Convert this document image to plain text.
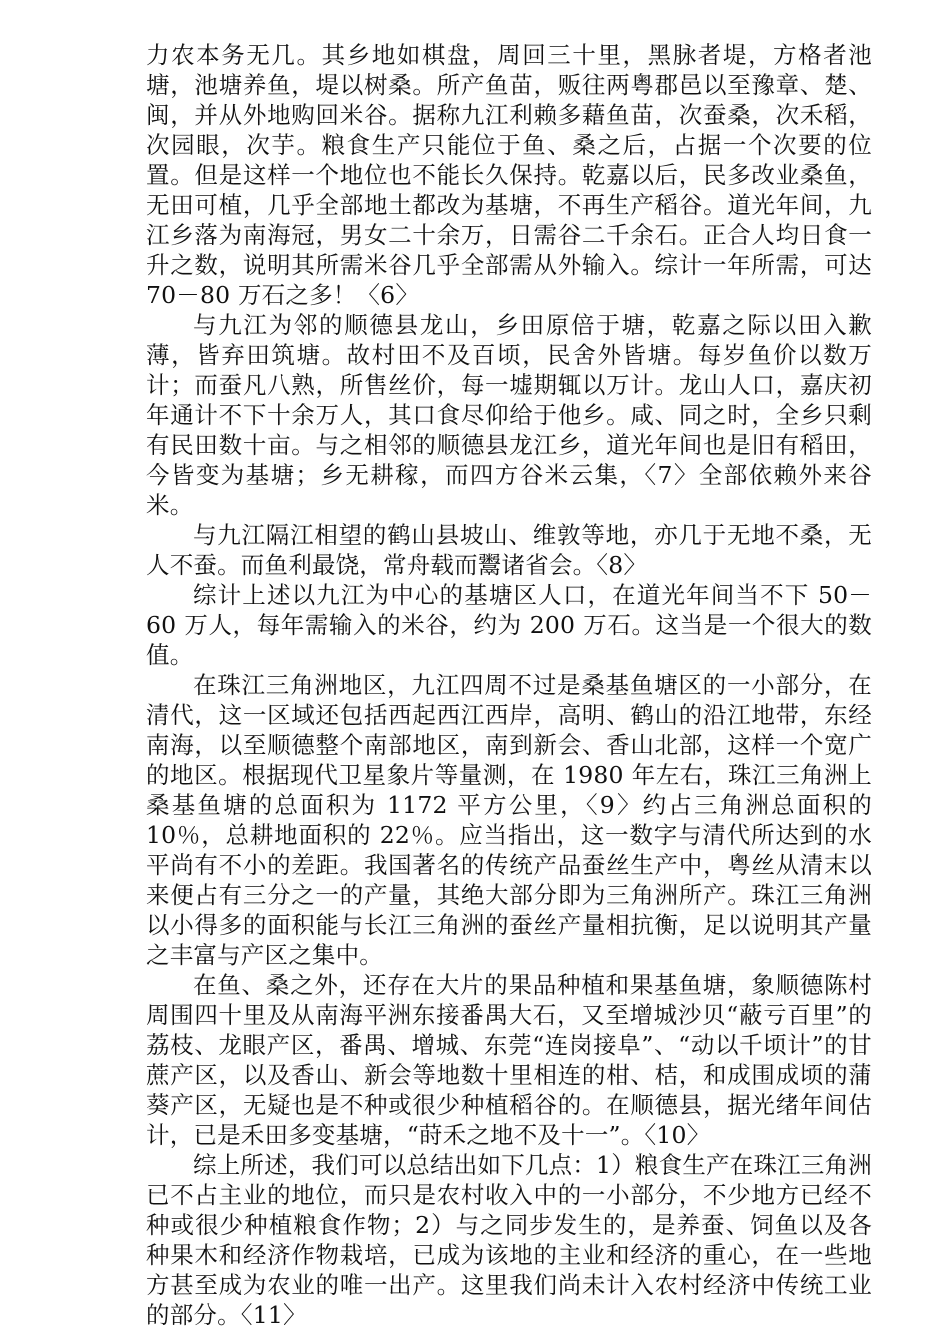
力农本务无几。其乡地如棋盘，周回三十里，黑脉者堤，方格者池塘，池塘养鱼，堤以树桑。所产鱼苗，贩往两粤郡邑以至豫章、楚、闽，并从外地购回米谷。据称九江利赖多藉鱼苗，次蚕桑，次禾稻，次园眼，次芋。粮食生产只能位于鱼、桑之后，占据一个次要的位置。但是这样一个地位也不能长久保持。乾嘉以后，民多改业桑鱼，无田可植，几乎全部地土都改为基塘，不再生产稻谷。道光年间，九江乡落为南海冠，男女二十余万，日需谷二千余石。正合人均日食一升之数，说明其所需米谷几乎全部需从外输入。综计一年所需，可达 70－80 万石之多！〈6〉

与九江为邻的顺德县龙山，乡田原倍于塘，乾嘉之际以田入歉薄，皆弃田筑塘。故村田不及百顷，民舍外皆塘。每岁鱼价以数万计；而蚕凡八熟，所售丝价，每一墟期辄以万计。龙山人口，嘉庆初年通计不下十余万人，其口食尽仰给于他乡。咸、同之时，全乡只剩有民田数十亩。与之相邻的顺德县龙江乡，道光年间也是旧有稻田，今皆变为基塘；乡无耕稼，而四方谷米云集，〈7〉全部依赖外来谷米。

与九江隔江相望的鹤山县坡山、维敦等地，亦几于无地不桑，无人不蚕。而鱼利最饶，常舟载而鬻诸省会。〈8〉

综计上述以九江为中心的基塘区人口，在道光年间当不下 50－60 万人，每年需输入的米谷，约为 200 万石。这当是一个很大的数值。

在珠江三角洲地区，九江四周不过是桑基鱼塘区的一小部分，在清代，这一区域还包括西起西江西岸，高明、鹤山的沿江地带，东经南海，以至顺德整个南部地区，南到新会、香山北部，这样一个宽广的地区。根据现代卫星象片等量测，在 1980 年左右，珠江三角洲上桑基鱼塘的总面积为 1172 平方公里，〈9〉约占三角洲总面积的 10％，总耕地面积的 22％。应当指出，这一数字与清代所达到的水平尚有不小的差距。我国著名的传统产品蚕丝生产中，粤丝从清末以来便占有三分之一的产量，其绝大部分即为三角洲所产。珠江三角洲以小得多的面积能与长江三角洲的蚕丝产量相抗衡，足以说明其产量之丰富与产区之集中。

在鱼、桑之外，还存在大片的果品种植和果基鱼塘，象顺德陈村周围四十里及从南海平洲东接番禺大石，又至增城沙贝“蔽亏百里”的荔枝、龙眼产区，番禺、增城、东莞“连岗接阜”、“动以千顷计”的甘蔗产区，以及香山、新会等地数十里相连的柑、桔，和成围成顷的蒲葵产区，无疑也是不种或很少种植稻谷的。在顺德县，据光绪年间估计，已是禾田多变基塘，“莳禾之地不及十一”。〈10〉

综上所述，我们可以总结出如下几点：1）粮食生产在珠江三角洲已不占主业的地位，而只是农村收入中的一小部分，不少地方已经不种或很少种植粮食作物；2）与之同步发生的，是养蚕、饲鱼以及各种果木和经济作物栽培，已成为该地的主业和经济的重心，在一些地方甚至成为农业的唯一出产。这里我们尚未计入农村经济中传统工业的部分。〈11〉
